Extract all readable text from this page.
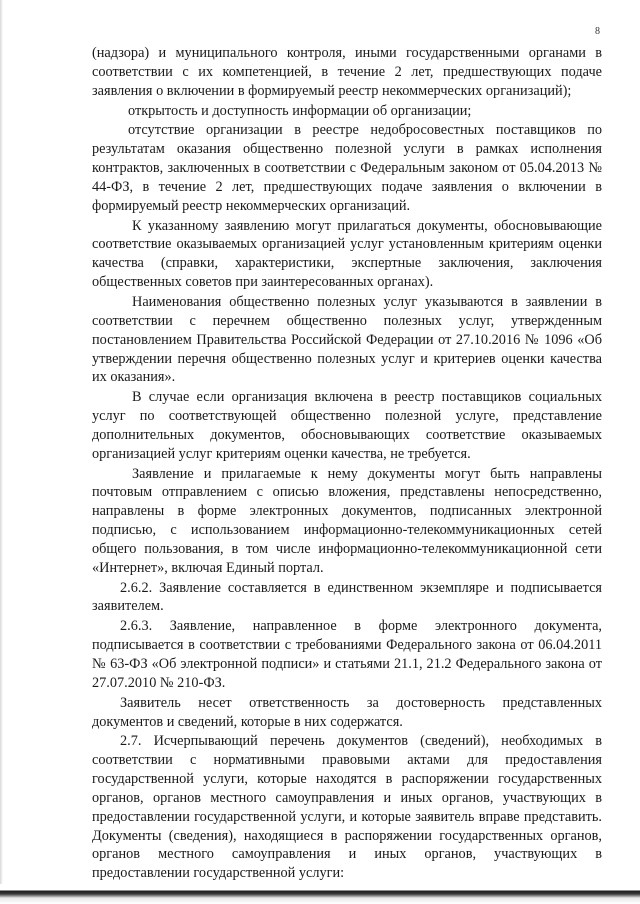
8

(надзора) и муниципального контроля, иными государственными органами в соответствии с их компетенцией, в течение 2 лет, предшествующих подаче заявления о включении в формируемый реестр некоммерческих организаций);

открытость и доступность информации об организации;

отсутствие организации в реестре недобросовестных поставщиков по результатам оказания общественно полезной услуги в рамках исполнения контрактов, заключенных в соответствии с Федеральным законом от 05.04.2013 № 44-ФЗ, в течение 2 лет, предшествующих подаче заявления о включении в формируемый реестр некоммерческих организаций.

К указанному заявлению могут прилагаться документы, обосновывающие соответствие оказываемых организацией услуг установленным критериям оценки качества (справки, характеристики, экспертные заключения, заключения общественных советов при заинтересованных органах).

Наименования общественно полезных услуг указываются в заявлении в соответствии с перечнем общественно полезных услуг, утвержденным постановлением Правительства Российской Федерации от 27.10.2016 № 1096 «Об утверждении перечня общественно полезных услуг и критериев оценки качества их оказания».

В случае если организация включена в реестр поставщиков социальных услуг по соответствующей общественно полезной услуге, представление дополнительных документов, обосновывающих соответствие оказываемых организацией услуг критериям оценки качества, не требуется.

Заявление и прилагаемые к нему документы могут быть направлены почтовым отправлением с описью вложения, представлены непосредственно, направлены в форме электронных документов, подписанных электронной подписью, с использованием информационно-телекоммуникационных сетей общего пользования, в том числе информационно-телекоммуникационной сети «Интернет», включая Единый портал.

2.6.2. Заявление составляется в единственном экземпляре и подписывается заявителем.

2.6.3. Заявление, направленное в форме электронного документа, подписывается в соответствии с требованиями Федерального закона от 06.04.2011 № 63-ФЗ «Об электронной подписи» и статьями 21.1, 21.2 Федерального закона от 27.07.2010 № 210-ФЗ.

Заявитель несет ответственность за достоверность представленных документов и сведений, которые в них содержатся.

2.7. Исчерпывающий перечень документов (сведений), необходимых в соответствии с нормативными правовыми актами для предоставления государственной услуги, которые находятся в распоряжении государственных органов, органов местного самоуправления и иных органов, участвующих в предоставлении государственной услуги, и которые заявитель вправе представить. Документы (сведения), находящиеся в распоряжении государственных органов, органов местного самоуправления и иных органов, участвующих в предоставлении государственной услуги:
